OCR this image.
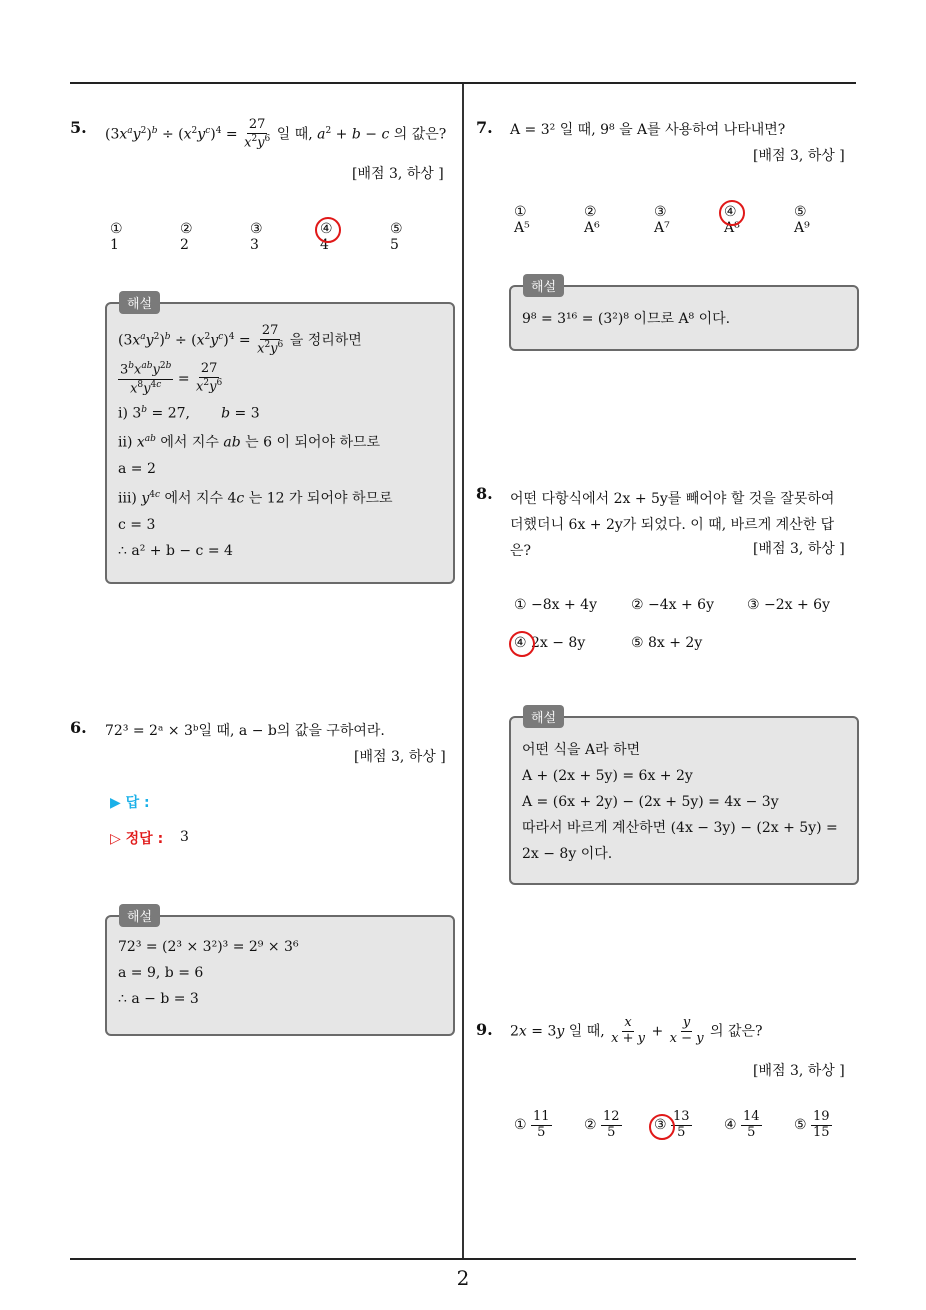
5. $(3x^ay^2)^b \div (x^2y^c)^4 = \frac{27}{x^2y^6}$ 일 때, $a^2 + b - c$ 의 값은?
[배점 3, 하상 ]
① 1
② 2
③ 3
④ 4
⑤ 5
해설
$(3x^ay^2)^b \div (x^2y^c)^4 = \frac{27}{x^2y^6}$ 을 정리하면
$\frac{3^bx^{ab}y^{2b}}{x^8y^{4c}} = \frac{27}{x^2y^6}$
ⅰ) $3^b = 27$,       b = 3
ⅱ) $x^{ab}$ 에서 지수 ab 는 6 이 되어야 하므로
a = 2
ⅲ) $y^{4c}$ 에서 지수 4c 는 12 가 되어야 하므로
c = 3
∴ a² + b − c = 4
6. 72³ = 2ᵃ × 3ᵇ일 때, a − b의 값을 구하여라.
[배점 3, 하상 ]
▶ 답 :
▷ 정답 : 3
해설
72³ = (2³ × 3²)³ = 2⁹ × 3⁶
a = 9, b = 6
∴ a − b = 3
7. A = 3² 일 때, 9⁸ 을 A를 사용하여 나타내면?
[배점 3, 하상 ]
① A⁵
② A⁶
③ A⁷
④ A⁸
⑤ A⁹
해설
9⁸ = 3¹⁶ = (3²)⁸ 이므로 A⁸ 이다.
8. 어떤 다항식에서 2x + 5y를 빼어야 할 것을 잘못하여
더했더니 6x + 2y가 되었다. 이 때, 바르게 계산한 답
은?	[배점 3, 하상 ]
① −8x + 4y ② −4x + 6y ③ −2x + 6y
④ 2x − 8y	⑤ 8x + 2y
해설
어떤 식을 A라 하면
A + (2x + 5y) = 6x + 2y
A = (6x + 2y) − (2x + 5y) = 4x − 3y
따라서 바르게 계산하면 (4x − 3y) − (2x + 5y) =
2x − 8y 이다.
9. 2x = 3y 일 때, $\frac{x}{x + y} + \frac{y}{x - y}$ 의 값은?
[배점 3, 하상 ]
①
$\frac{11}{5}$ ②
$\frac{12}{5}$ ③
$\frac{13}{5}$ ④
$\frac{14}{5}$ ⑤
$\frac{19}{15}$
2
